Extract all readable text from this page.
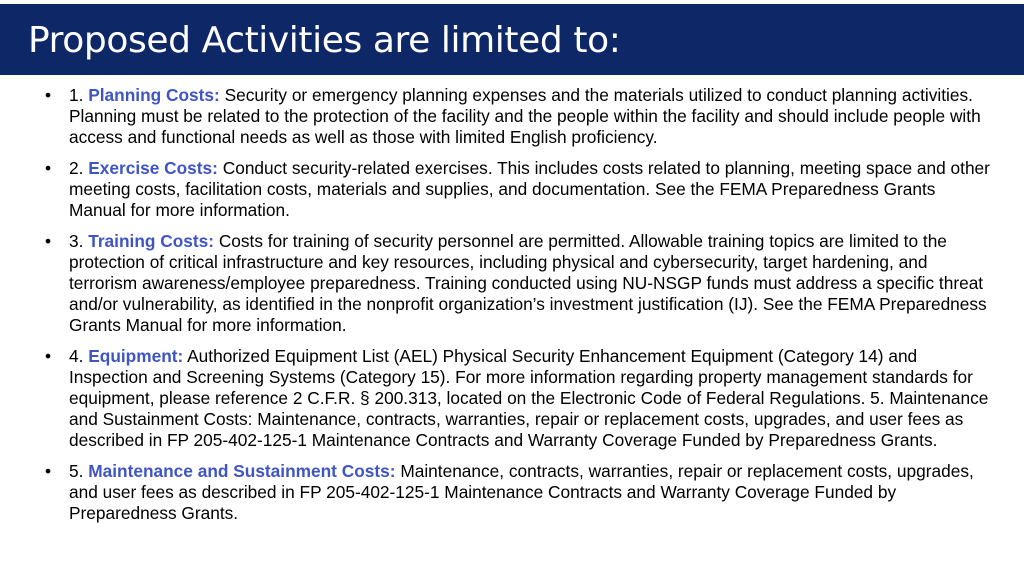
Proposed Activities are limited to:
• 1. Planning Costs: Security or emergency planning expenses and the materials utilized to conduct planning activities. Planning must be related to the protection of the facility and the people within the facility and should include people with access and functional needs as well as those with limited English proficiency.
• 2. Exercise Costs: Conduct security-related exercises. This includes costs related to planning, meeting space and other meeting costs, facilitation costs, materials and supplies, and documentation. See the FEMA Preparedness Grants Manual for more information.
• 3. Training Costs: Costs for training of security personnel are permitted. Allowable training topics are limited to the protection of critical infrastructure and key resources, including physical and cybersecurity, target hardening, and terrorism awareness/employee preparedness. Training conducted using NU-NSGP funds must address a specific threat and/or vulnerability, as identified in the nonprofit organization’s investment justification (IJ). See the FEMA Preparedness Grants Manual for more information.
• 4. Equipment: Authorized Equipment List (AEL) Physical Security Enhancement Equipment (Category 14) and Inspection and Screening Systems (Category 15). For more information regarding property management standards for equipment, please reference 2 C.F.R. § 200.313, located on the Electronic Code of Federal Regulations. 5. Maintenance and Sustainment Costs: Maintenance, contracts, warranties, repair or replacement costs, upgrades, and user fees as described in FP 205-402-125-1 Maintenance Contracts and Warranty Coverage Funded by Preparedness Grants.
• 5. Maintenance and Sustainment Costs: Maintenance, contracts, warranties, repair or replacement costs, upgrades, and user fees as described in FP 205-402-125-1 Maintenance Contracts and Warranty Coverage Funded by Preparedness Grants.
